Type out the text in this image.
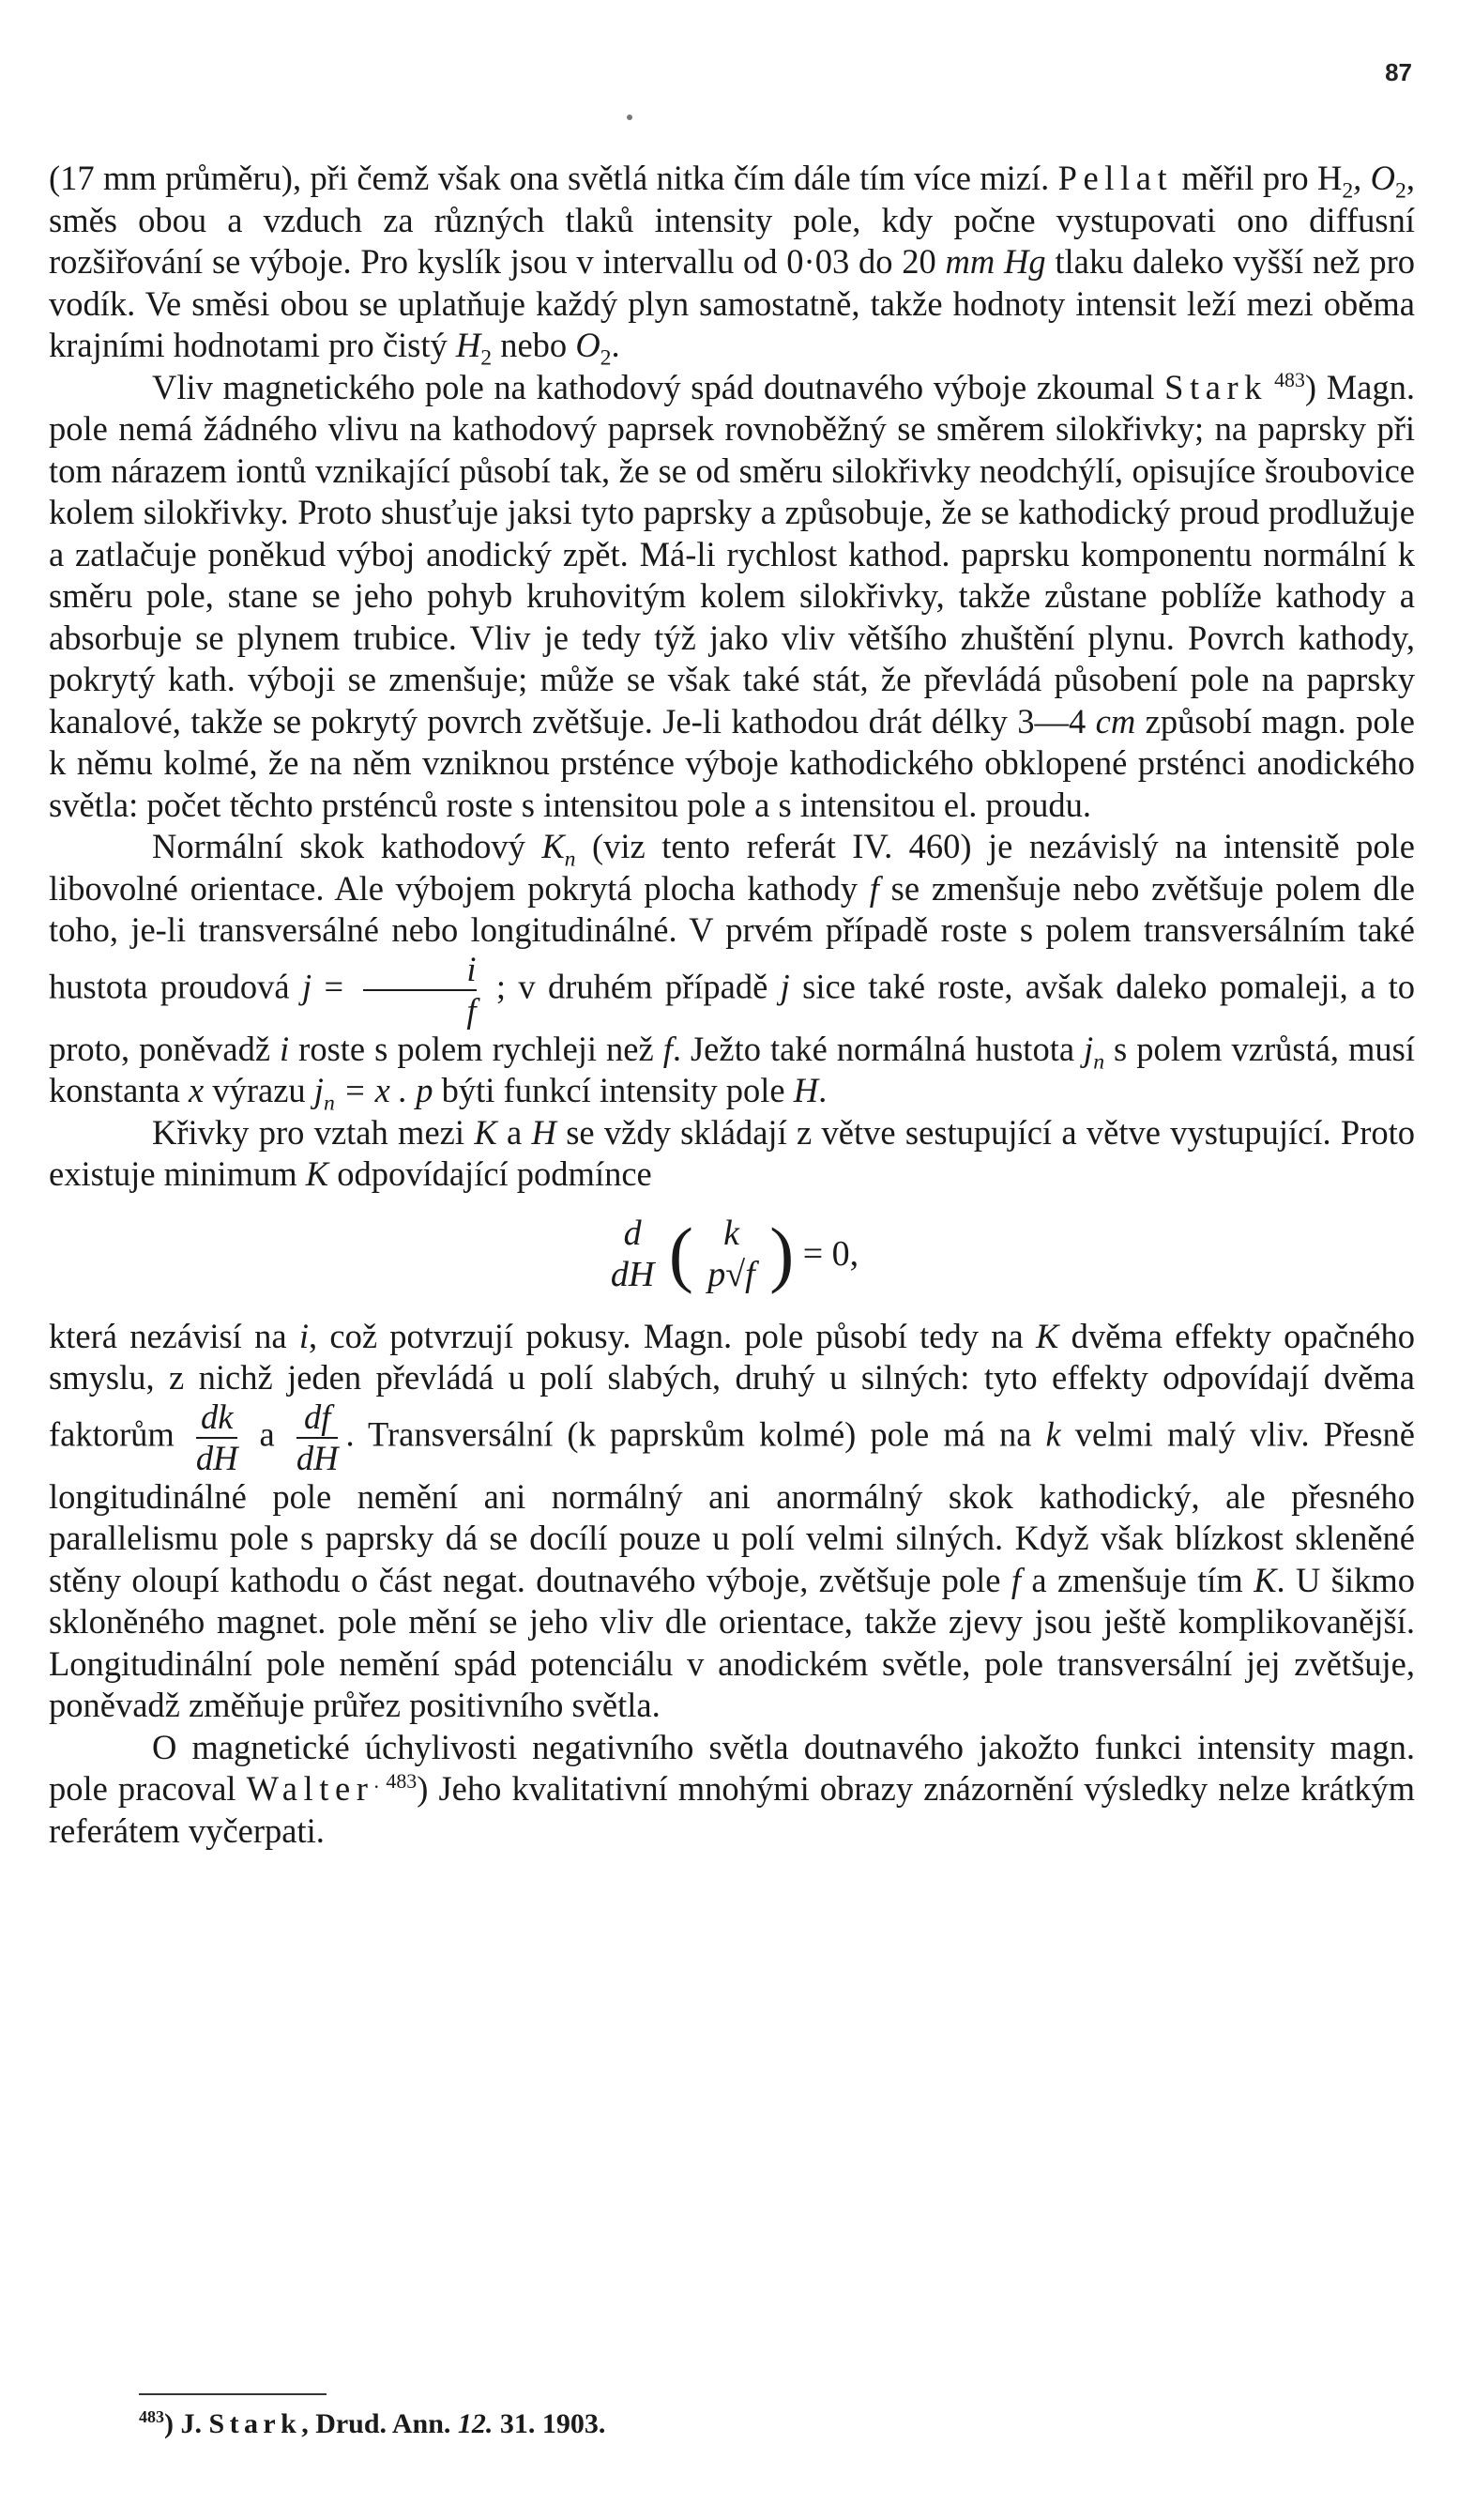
87

(17 mm průměru), při čemž však ona světlá nitka čím dále tím více mizí. Pellat měřil pro $H_2$, $O_2$, směs obou a vzduch za různých tlaků intensity pole, kdy počne vystupovati ono diffusní rozšiřování se výboje. Pro kyslík jsou v intervallu od 0·03 do 20 mm Hg tlaku daleko vyšší než pro vodík. Ve směsi obou se uplatňuje každý plyn samostatně, takže hodnoty intensit leží mezi oběma krajními hodnotami pro čistý $H_2$ nebo $O_2$.

Vliv magnetického pole na kathodový spád doutnavého výboje zkoumal Stark $^{483}$) Magn. pole nemá žádného vlivu na kathodový paprsek rovnoběžný se směrem silokřivky; na paprsky při tom nárazem iontů vznikající působí tak, že se od směru silokřivky neodchýlí, opisujíce šroubovice kolem silokřivky. Proto shusťuje jaksi tyto paprsky a způsobuje, že se kathodický proud prodlužuje a zatlačuje poněkud výboj anodický zpět. Má-li rychlost kathod. paprsku komponentu normální k směru pole, stane se jeho pohyb kruhovitým kolem silokřivky, takže zůstane poblíže kathody a absorbuje se plynem trubice. Vliv je tedy týž jako vliv většího zhuštění plynu. Povrch kathody, pokrytý kath. výboji se zmenšuje; může se však také stát, že převládá působení pole na paprsky kanalové, takže se pokrytý povrch zvětšuje. Je-li kathodou drát délky 3—4 cm způsobí magn. pole k němu kolmé, že na něm vzniknou prsténce výboje kathodického obklopené prsténci anodického světla: počet těchto prsténců roste s intensitou pole a s intensitou el. proudu.

Normální skok kathodový $K_n$ (viz tento referát IV. 460) je nezávislý na intensitě pole libovolné orientace. Ale výbojem pokrytá plocha kathody f se zmenšuje nebo zvětšuje polem dle toho, je-li transversálné nebo longitudinálné. V prvém případě roste s polem transversálním také hustota proudová $j = \frac{i}{f}$ ; v druhém případě j sice také roste, avšak daleko pomaleji, a to proto, poněvadž i roste s polem rychleji než f. Ježto také normálná hustota $j_n$ s polem vzrůstá, musí konstanta x výrazu $j_n = x$ . p býti funkcí intensity pole H.

Křivky pro vztah mezi K a H se vždy skládají z větve sestupující a větve vystupující. Proto existuje minimum K odpovídající podmínce

d
dH ( k
p√f ) = 0,

která nezávisí na i, což potvrzují pokusy. Magn. pole působí tedy na K dvěma effekty opačného smyslu, z nichž jeden převládá u polí slabých, druhý u silných: tyto effekty odpovídají dvěma faktorům $\frac{dk}{dH}$ a $\frac{df}{dH}$ . Transversální (k paprskům kolmé) pole má na k velmi malý vliv. Přesně longitudinálné pole nemění ani normálný ani anormálný skok kathodický, ale přesného parallelismu pole s paprsky dá se docílí pouze u polí velmi silných. Když však blízkost skleněné stěny oloupí kathodu o část negat. doutnavého výboje, zvětšuje pole f a zmenšuje tím K. U šikmo skloněného magnet. pole mění se jeho vliv dle orientace, takže zjevy jsou ještě komplikovanější. Longitudinální pole nemění spád potenciálu v anodickém světle, pole transversální jej zvětšuje, poněvadž změňuje průřez positivního světla.

O magnetické úchylivosti negativního světla doutnavého jakožto funkci intensity magn. pole pracoval Walter$^{. 483}$) Jeho kvalitativní mnohými obrazy znázornění výsledky nelze krátkým referátem vyčerpati.

$^{483}$) J. Stark, Drud. Ann. 12. 31. 1903.
